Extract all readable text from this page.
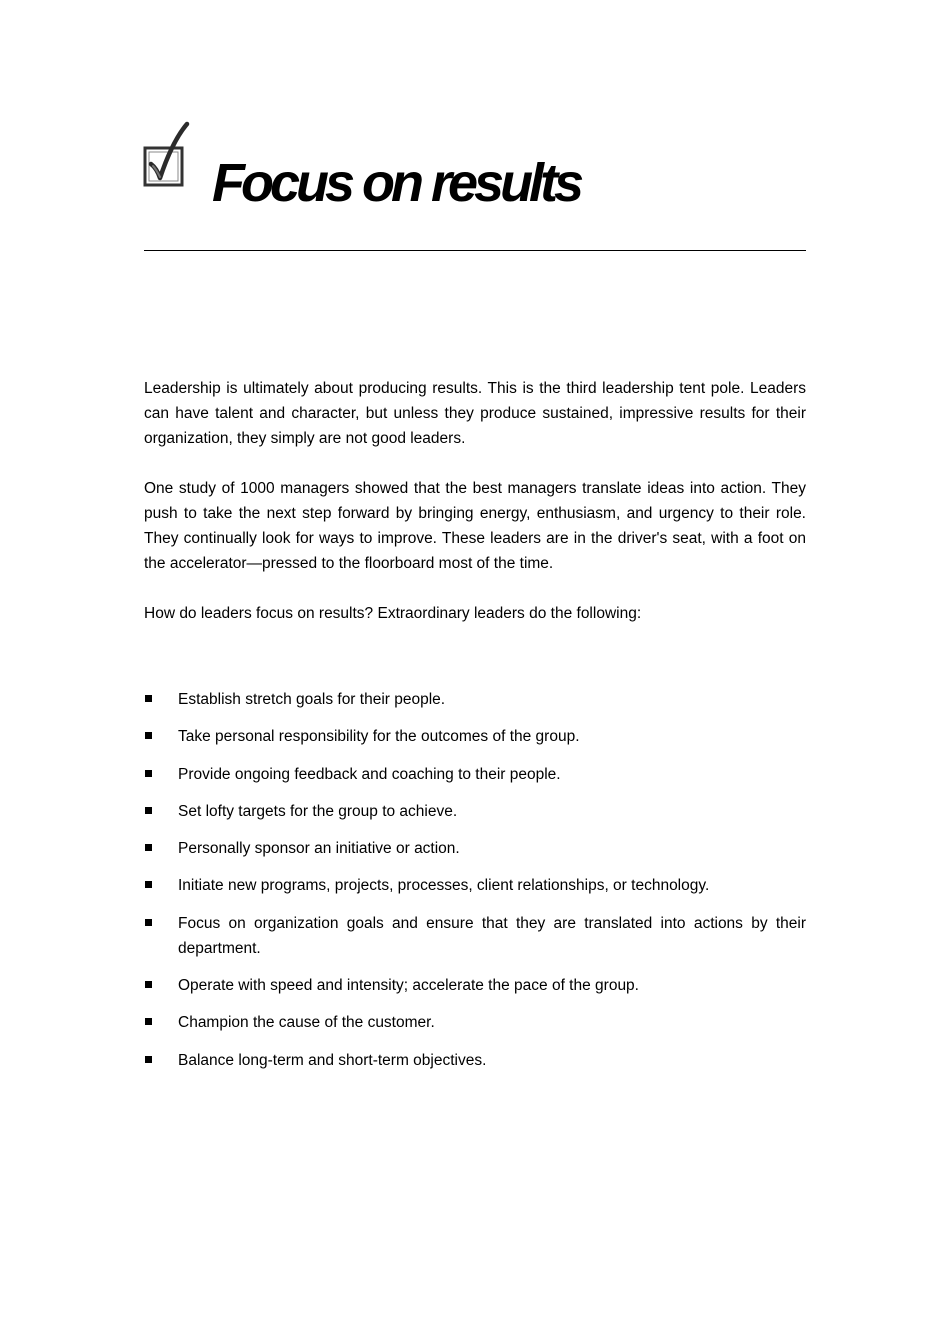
Focus on results

Leadership is ultimately about producing results. This is the third leadership tent pole. Leaders can have talent and character, but unless they produce sustained, impressive results for their organization, they simply are not good leaders.

One study of 1000 managers showed that the best managers translate ideas into action. They push to take the next step forward by bringing energy, enthusiasm, and urgency to their role. They continually look for ways to improve. These leaders are in the driver's seat, with a foot on the accelerator—pressed to the floorboard most of the time.

How do leaders focus on results? Extraordinary leaders do the following:

Establish stretch goals for their people.
Take personal responsibility for the outcomes of the group.
Provide ongoing feedback and coaching to their people.
Set lofty targets for the group to achieve.
Personally sponsor an initiative or action.
Initiate new programs, projects, processes, client relationships, or technology.
Focus on organization goals and ensure that they are translated into actions by their department.
Operate with speed and intensity; accelerate the pace of the group.
Champion the cause of the customer.
Balance long-term and short-term objectives.
